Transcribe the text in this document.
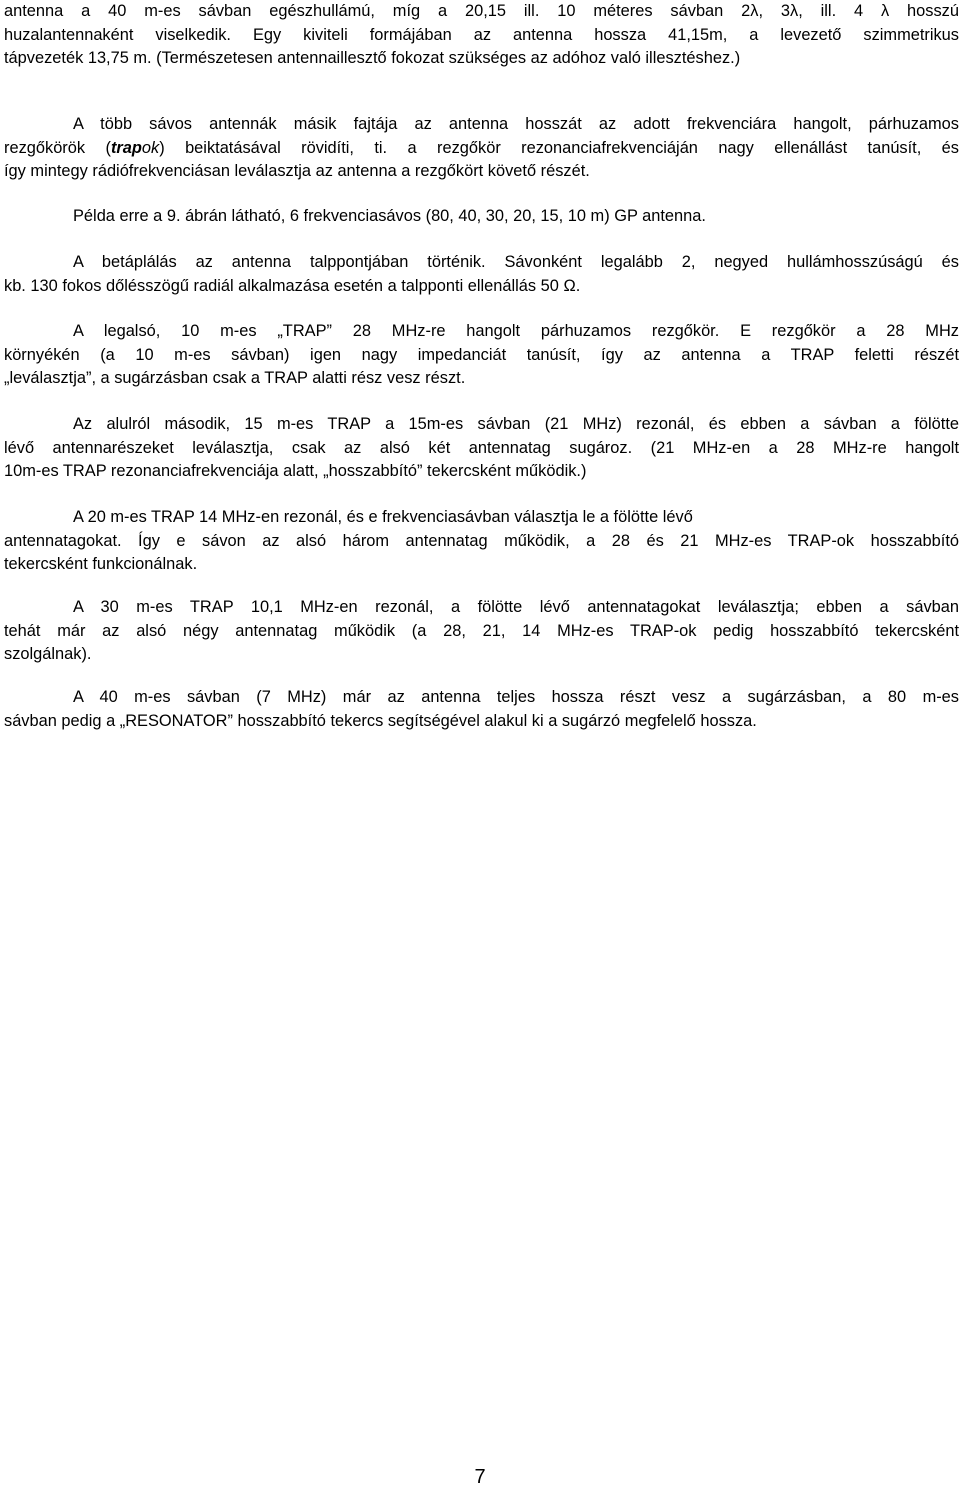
antenna a 40 m-es sávban egészhullámú, míg a 20,15 ill. 10 méteres sávban 2λ, 3λ, ill. 4 λ hosszú
huzalantennaként viselkedik. Egy kiviteli formájában az antenna hossza 41,15m, a levezető szimmetrikus
tápvezeték 13,75 m. (Természetesen antennaillesztő fokozat szükséges az adóhoz való illesztéshez.)
A több sávos antennák másik fajtája az antenna hosszát az adott frekvenciára hangolt, párhuzamos
rezgőkörök (trapok) beiktatásával rövidíti, ti. a rezgőkör rezonanciafrekvenciáján nagy ellenállást tanúsít, és
így mintegy rádiófrekvenciásan leválasztja az antenna a rezgőkört követő részét.
Példa erre a 9. ábrán látható, 6 frekvenciasávos (80, 40, 30, 20, 15, 10 m) GP antenna.
A betáplálás az antenna talppontjában történik. Sávonként legalább 2, negyed hullámhosszúságú és
kb. 130 fokos dőlésszögű radiál alkalmazása esetén a talpponti ellenállás 50 Ω.
A legalsó, 10 m-es „TRAP” 28 MHz-re hangolt párhuzamos rezgőkör. E rezgőkör a 28 MHz
környékén (a 10 m-es sávban) igen nagy impedanciát tanúsít, így az antenna a TRAP feletti részét
„leválasztja”, a sugárzásban csak a TRAP alatti rész vesz részt.
Az alulról második, 15 m-es TRAP a 15m-es sávban (21 MHz) rezonál, és ebben a sávban a fölötte
lévő antennarészeket leválasztja, csak az alsó két antennatag sugároz. (21 MHz-en a 28 MHz-re hangolt
10m-es TRAP rezonanciafrekvenciája alatt, „hosszabbító” tekercsként működik.)
A 20 m-es TRAP 14 MHz-en rezonál, és e frekvenciasávban választja le a fölötte lévő
antennatagokat. Így e sávon az alsó három antennatag működik, a 28 és 21 MHz-es TRAP-ok hosszabbító
tekercsként funkcionálnak.
A 30 m-es TRAP 10,1 MHz-en rezonál, a fölötte lévő antennatagokat leválasztja; ebben a sávban
tehát már az alsó négy antennatag működik (a 28, 21, 14 MHz-es TRAP-ok pedig hosszabbító tekercsként
szolgálnak).
A 40 m-es sávban (7 MHz) már az antenna teljes hossza részt vesz a sugárzásban, a 80 m-es
sávban pedig a „RESONATOR” hosszabbító tekercs segítségével alakul ki a sugárzó megfelelő hossza.
7
